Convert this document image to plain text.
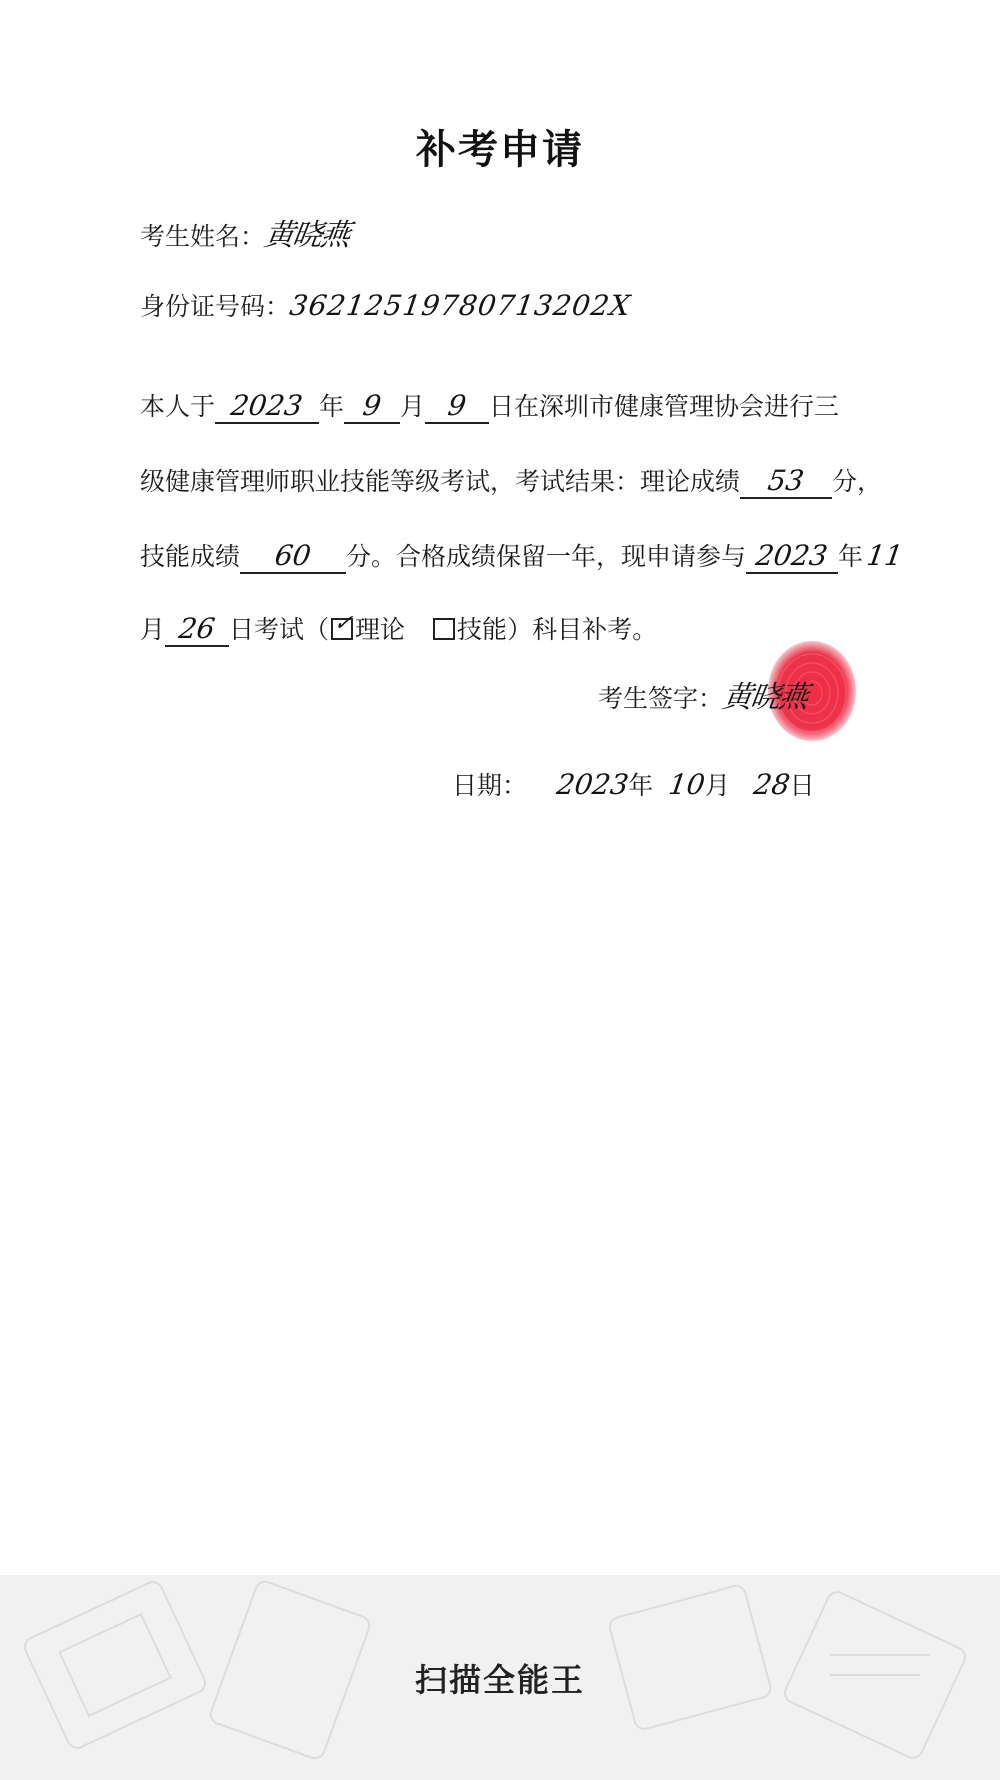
补考申请
考生姓名：黄晓燕
身份证号码：36212519780713202X
本人于 2023 年 9 月 9 日在深圳市健康管理协会进行三
级健康管理师职业技能等级考试，考试结果：理论成绩 53 分，
技能成绩 60 分。合格成绩保留一年，现申请参与 2023 年11
月 26 日考试（ ✓ 理论 技能）科目补考。
考生签字：黄晓燕
日期： 2023年 10月 28日
扫描全能王
